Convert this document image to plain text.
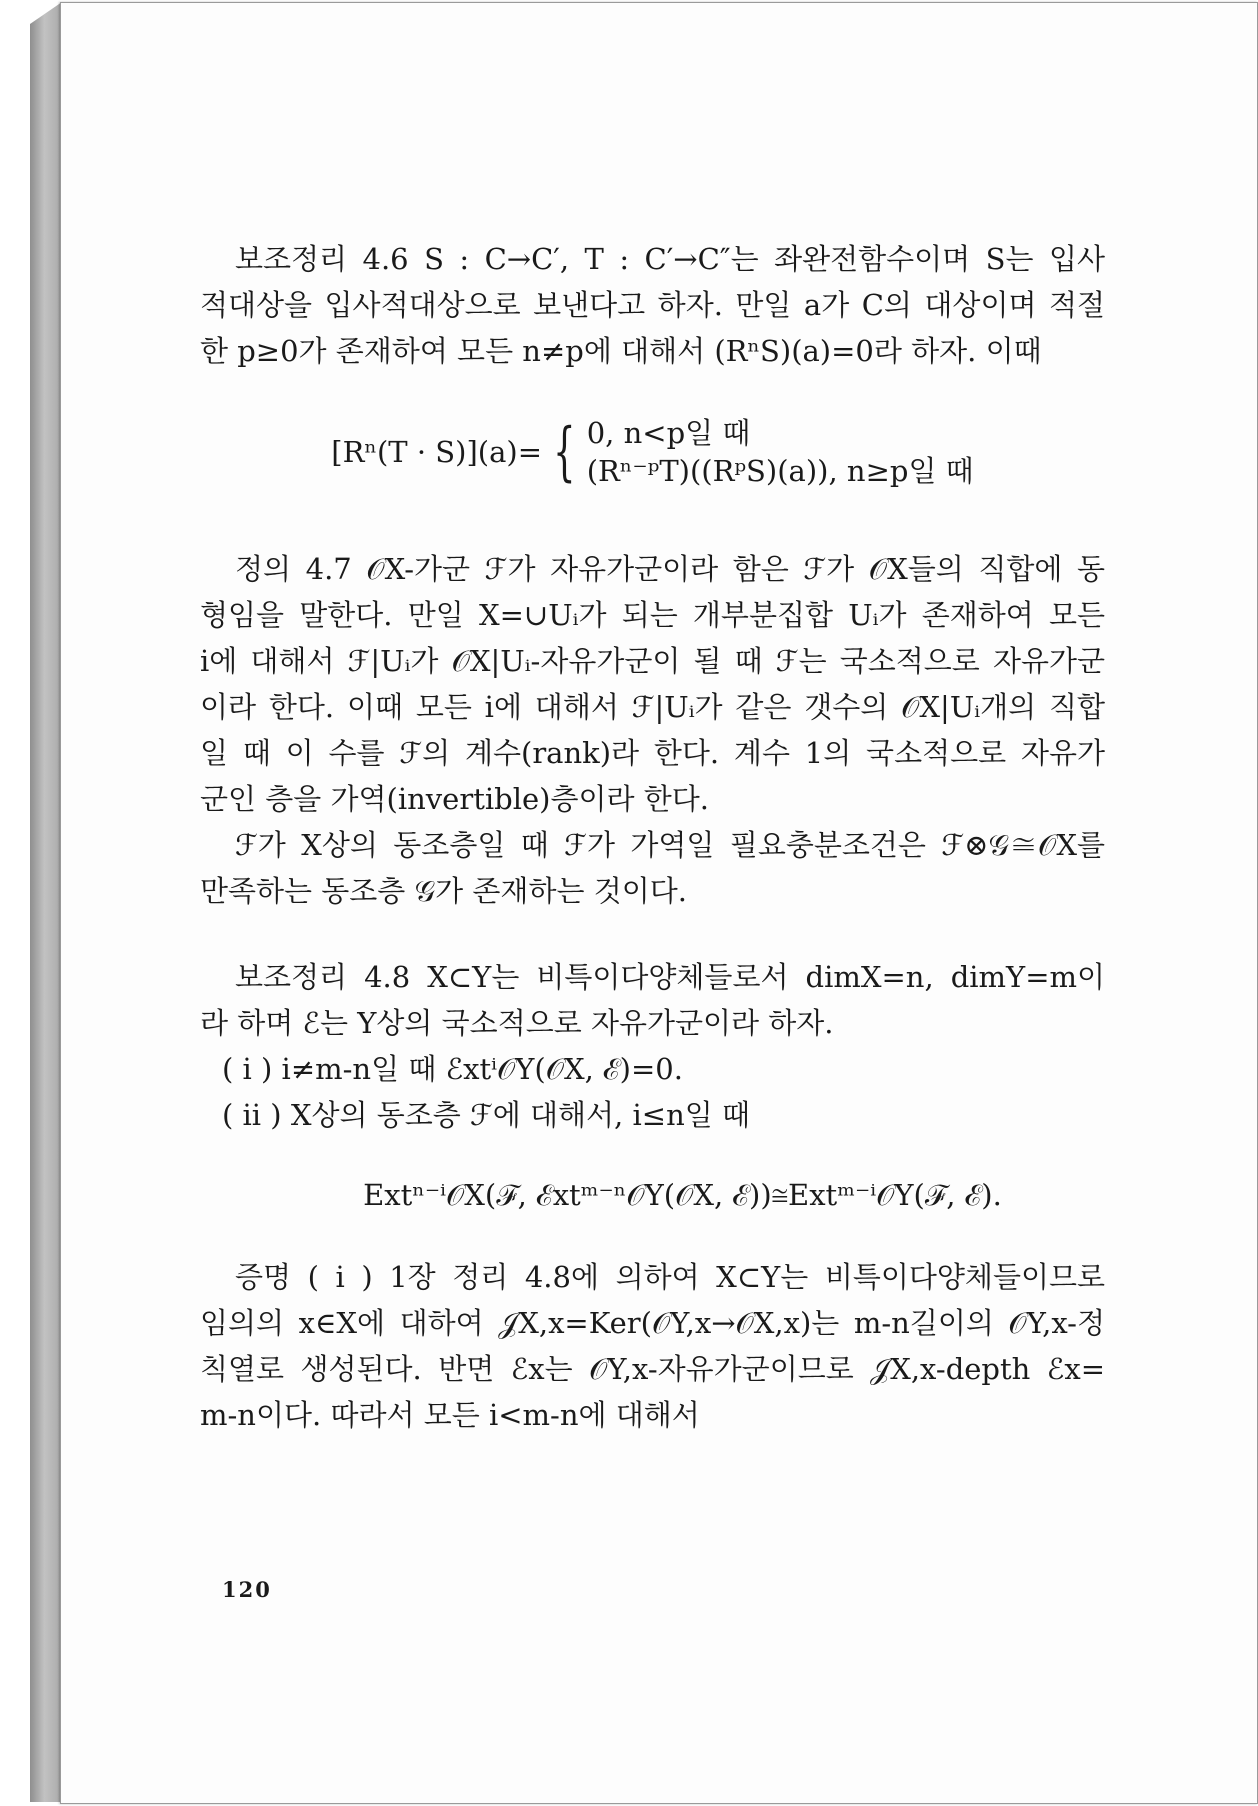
보조정리 4.6 S : C→C′, T : C′→C″는 좌완전함수이며 S는 입사
적대상을 입사적대상으로 보낸다고 하자. 만일 a가 C의 대상이며 적절
한 p≥0가 존재하여 모든 n≠p에 대해서 (RⁿS)(a)=0라 하자. 이때
[Rⁿ(T · S)](a)= { 0, n<p일 때
(Rⁿ⁻ᵖT)((RᵖS)(a)), n≥p일 때
정의 4.7 𝒪X-가군 ℱ가 자유가군이라 함은 ℱ가 𝒪X들의 직합에 동
형임을 말한다. 만일 X=∪Uᵢ가 되는 개부분집합 Uᵢ가 존재하여 모든
i에 대해서 ℱ|Uᵢ가 𝒪X|Uᵢ-자유가군이 될 때 ℱ는 국소적으로 자유가군
이라 한다. 이때 모든 i에 대해서 ℱ|Uᵢ가 같은 갯수의 𝒪X|Uᵢ개의 직합
일 때 이 수를 ℱ의 계수(rank)라 한다. 계수 1의 국소적으로 자유가
군인 층을 가역(invertible)층이라 한다.
ℱ가 X상의 동조층일 때 ℱ가 가역일 필요충분조건은 ℱ⊗𝒢≅𝒪X를
만족하는 동조층 𝒢가 존재하는 것이다.
보조정리 4.8 X⊂Y는 비특이다양체들로서 dimX=n, dimY=m이
라 하며 ℰ는 Y상의 국소적으로 자유가군이라 하자.
( i ) i≠m-n일 때 ℰxtⁱ𝒪Y(𝒪X, ℰ)=0.
( ii ) X상의 동조층 ℱ에 대해서, i≤n일 때
Extⁿ⁻ⁱ𝒪X(ℱ, ℰxtᵐ⁻ⁿ𝒪Y(𝒪X, ℰ))≅Extᵐ⁻ⁱ𝒪Y(ℱ, ℰ).
증명 ( i ) 1장 정리 4.8에 의하여 X⊂Y는 비특이다양체들이므로
임의의 x∈X에 대하여 𝒥X,x=Ker(𝒪Y,x→𝒪X,x)는 m-n길이의 𝒪Y,x-정
칙열로 생성된다. 반면 ℰx는 𝒪Y,x-자유가군이므로 𝒥X,x-depth ℰx=
m-n이다. 따라서 모든 i<m-n에 대해서
120
